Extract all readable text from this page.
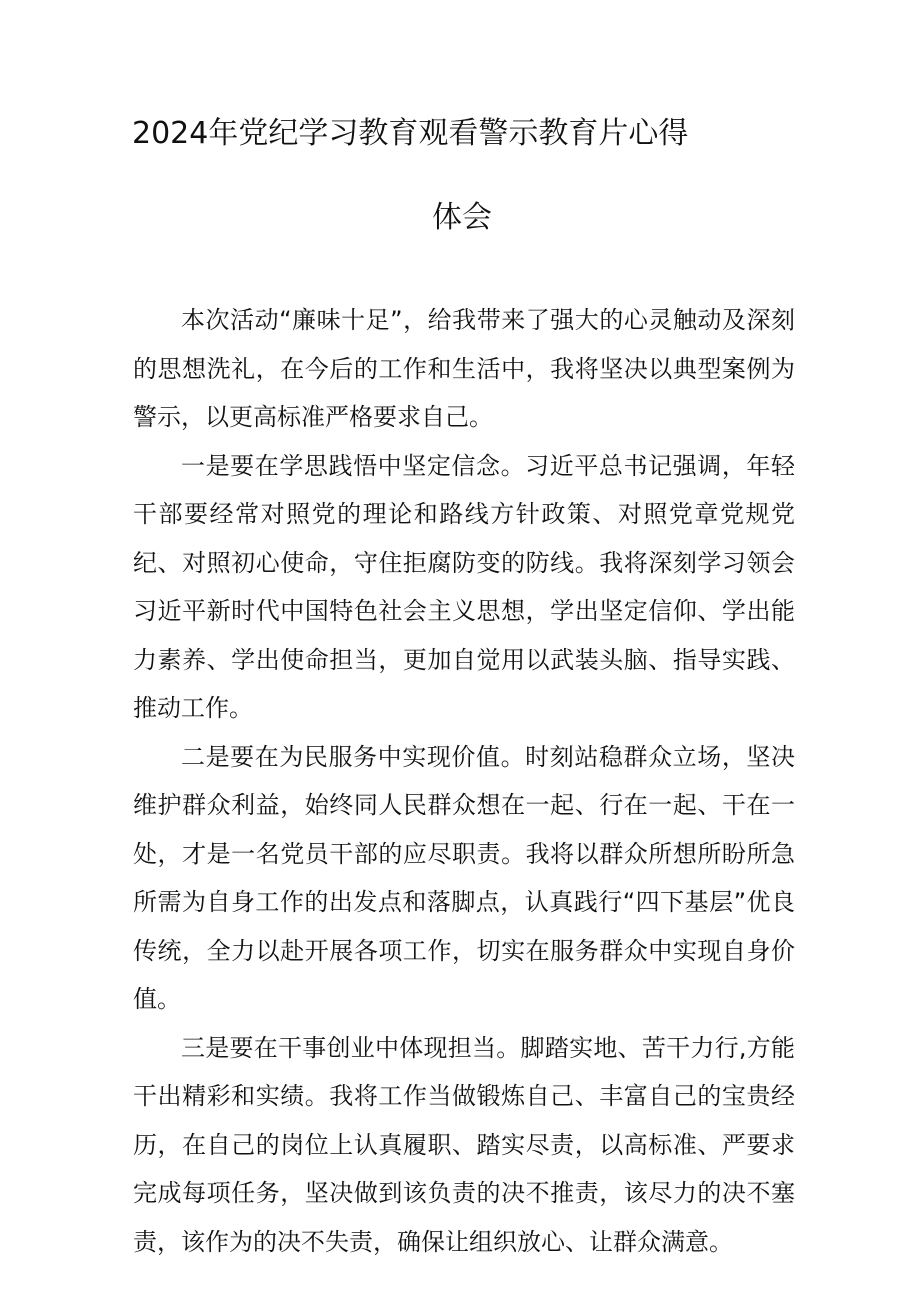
2024年党纪学习教育观看警示教育片心得
体会

本次活动“廉味十足”，给我带来了强大的心灵触动及深刻的思想洗礼，在今后的工作和生活中，我将坚决以典型案例为警示，以更高标准严格要求自己。

一是要在学思践悟中坚定信念。习近平总书记强调，年轻干部要经常对照党的理论和路线方针政策、对照党章党规党纪、对照初心使命，守住拒腐防变的防线。我将深刻学习领会习近平新时代中国特色社会主义思想，学出坚定信仰、学出能力素养、学出使命担当，更加自觉用以武装头脑、指导实践、推动工作。

二是要在为民服务中实现价值。时刻站稳群众立场，坚决维护群众利益，始终同人民群众想在一起、行在一起、干在一处，才是一名党员干部的应尽职责。我将以群众所想所盼所急所需为自身工作的出发点和落脚点，认真践行“四下基层”优良传统，全力以赴开展各项工作，切实在服务群众中实现自身价值。

三是要在干事创业中体现担当。脚踏实地、苦干力行,方能干出精彩和实绩。我将工作当做锻炼自己、丰富自己的宝贵经历，在自己的岗位上认真履职、踏实尽责，以高标准、严要求完成每项任务，坚决做到该负责的决不推责，该尽力的决不塞责，该作为的决不失责，确保让组织放心、让群众满意。
